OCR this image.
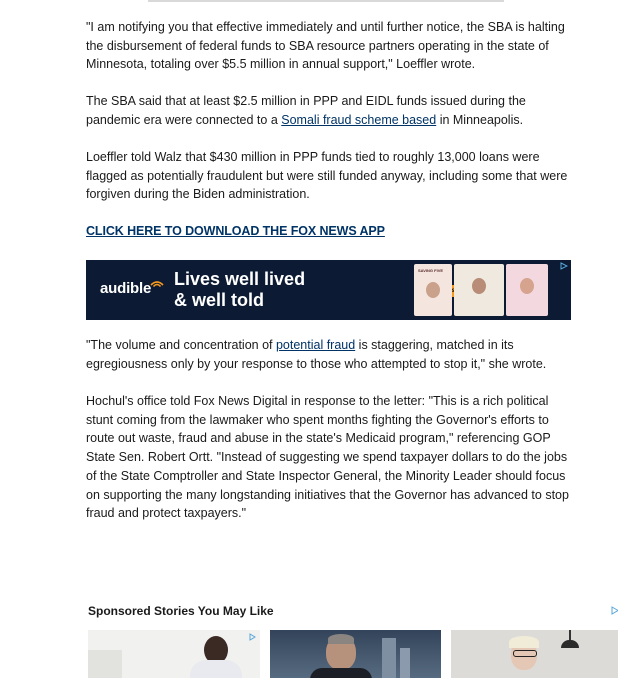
"I am notifying you that effective immediately and until further notice, the SBA is halting the disbursement of federal funds to SBA resource partners operating in the state of Minnesota, totaling over $5.5 million in annual support," Loeffler wrote.

The SBA said that at least $2.5 million in PPP and EIDL funds issued during the pandemic era were connected to a Somali fraud scheme based in Minneapolis.

Loeffler told Walz that $430 million in PPP funds tied to roughly 13,000 loans were flagged as potentially fraudulent but were still funded anyway, including some that were forgiven during the Biden administration.

CLICK HERE TO DOWNLOAD THE FOX NEWS APP

"The volume and concentration of potential fraud is staggering, matched in its egregiousness only by your response to those who attempted to stop it," she wrote.

Hochul's office told Fox News Digital in response to the letter: "This is a rich political stunt coming from the lawmaker who spent months fighting the Governor's efforts to route out waste, fraud and abuse in the state's Medicaid program," referencing GOP State Sen. Robert Ortt. "Instead of suggesting we spend taxpayer dollars to do the jobs of the State Comptroller and State Inspector General, the Minority Leader should focus on supporting the many longstanding initiatives that the Governor has advanced to stop fraud and protect taxpayers."

audible Lives well lived
& well told
SAVING FIVE
Sponsored Stories You May Like
